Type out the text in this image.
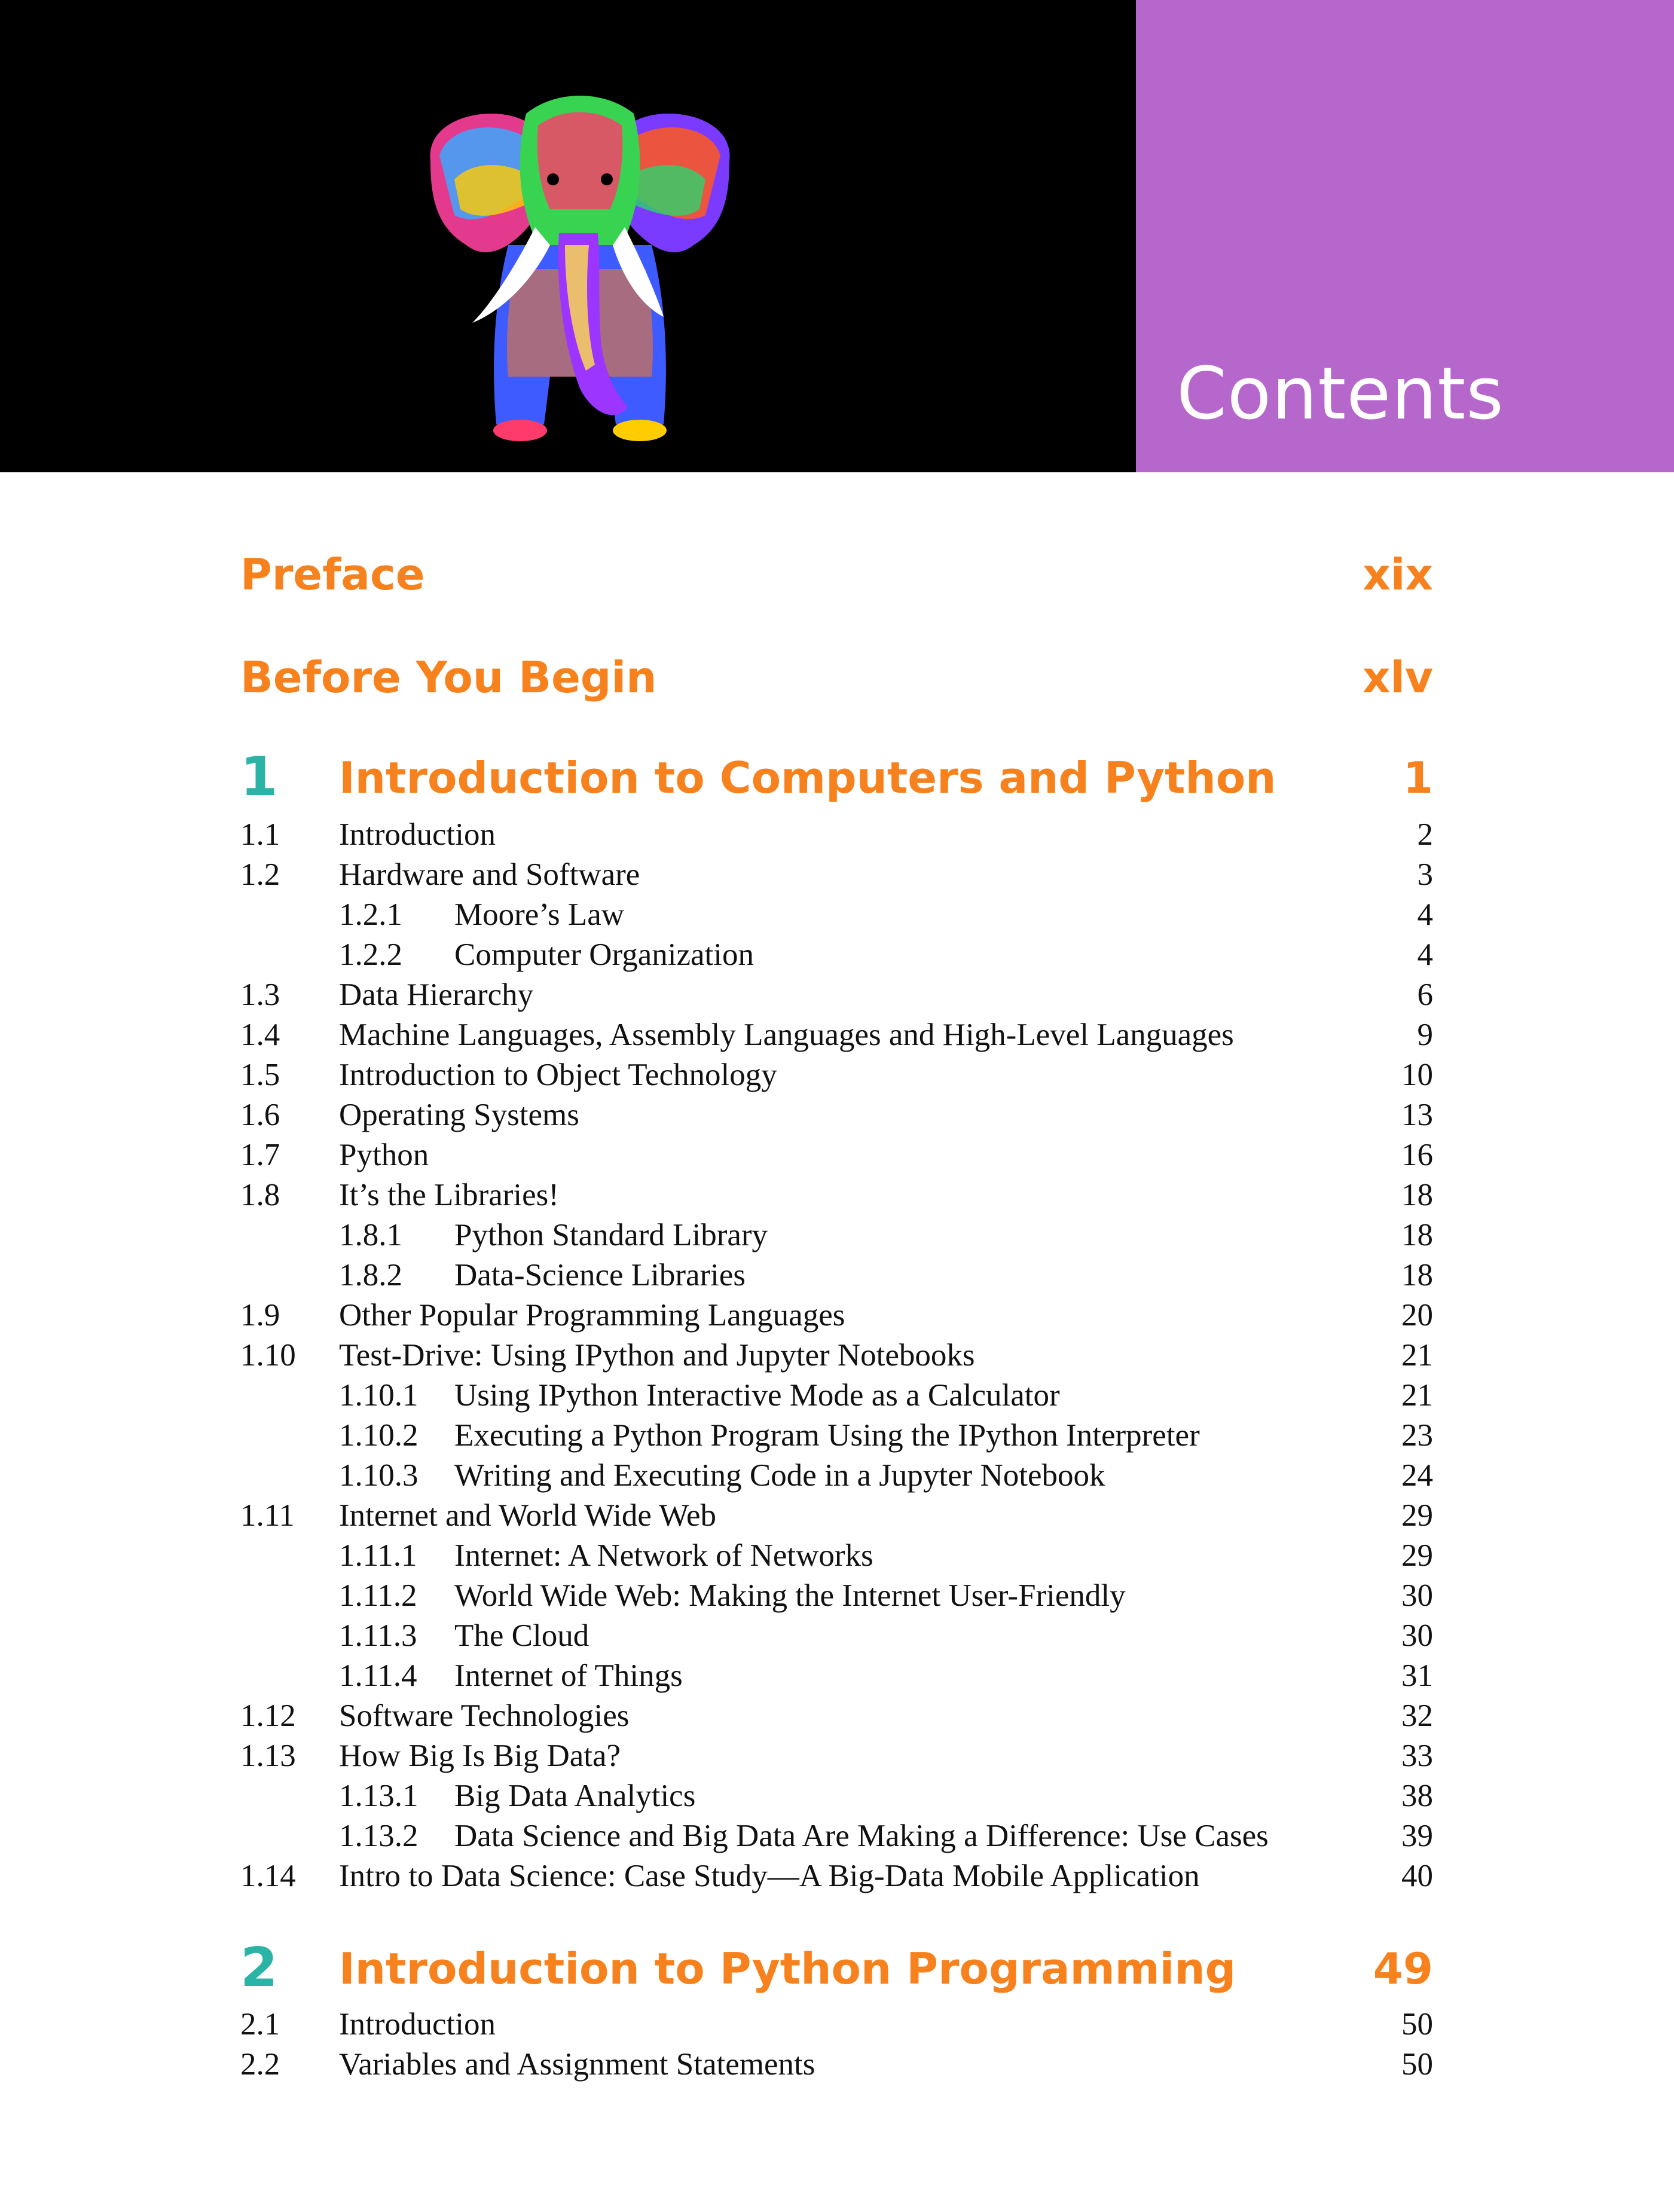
Contents
Preface	xix
Before You Begin	xlv
1 Introduction to Computers and Python	1
1.1 Introduction	2
1.2 Hardware and Software	3
1.2.1 Moore’s Law	4
1.2.2 Computer Organization	4
1.3 Data Hierarchy	6
1.4 Machine Languages, Assembly Languages and High-Level Languages	9
1.5 Introduction to Object Technology	10
1.6 Operating Systems	13
1.7 Python	16
1.8 It’s the Libraries!	18
1.8.1 Python Standard Library	18
1.8.2 Data-Science Libraries	18
1.9 Other Popular Programming Languages	20
1.10 Test-Drive: Using IPython and Jupyter Notebooks	21
1.10.1 Using IPython Interactive Mode as a Calculator	21
1.10.2 Executing a Python Program Using the IPython Interpreter	23
1.10.3 Writing and Executing Code in a Jupyter Notebook	24
1.11 Internet and World Wide Web	29
1.11.1 Internet: A Network of Networks	29
1.11.2 World Wide Web: Making the Internet User-Friendly	30
1.11.3 The Cloud	30
1.11.4 Internet of Things	31
1.12 Software Technologies	32
1.13 How Big Is Big Data?	33
1.13.1 Big Data Analytics	38
1.13.2 Data Science and Big Data Are Making a Difference: Use Cases	39
1.14 Intro to Data Science: Case Study—A Big-Data Mobile Application	40
2 Introduction to Python Programming	49
2.1 Introduction	50
2.2 Variables and Assignment Statements	50
